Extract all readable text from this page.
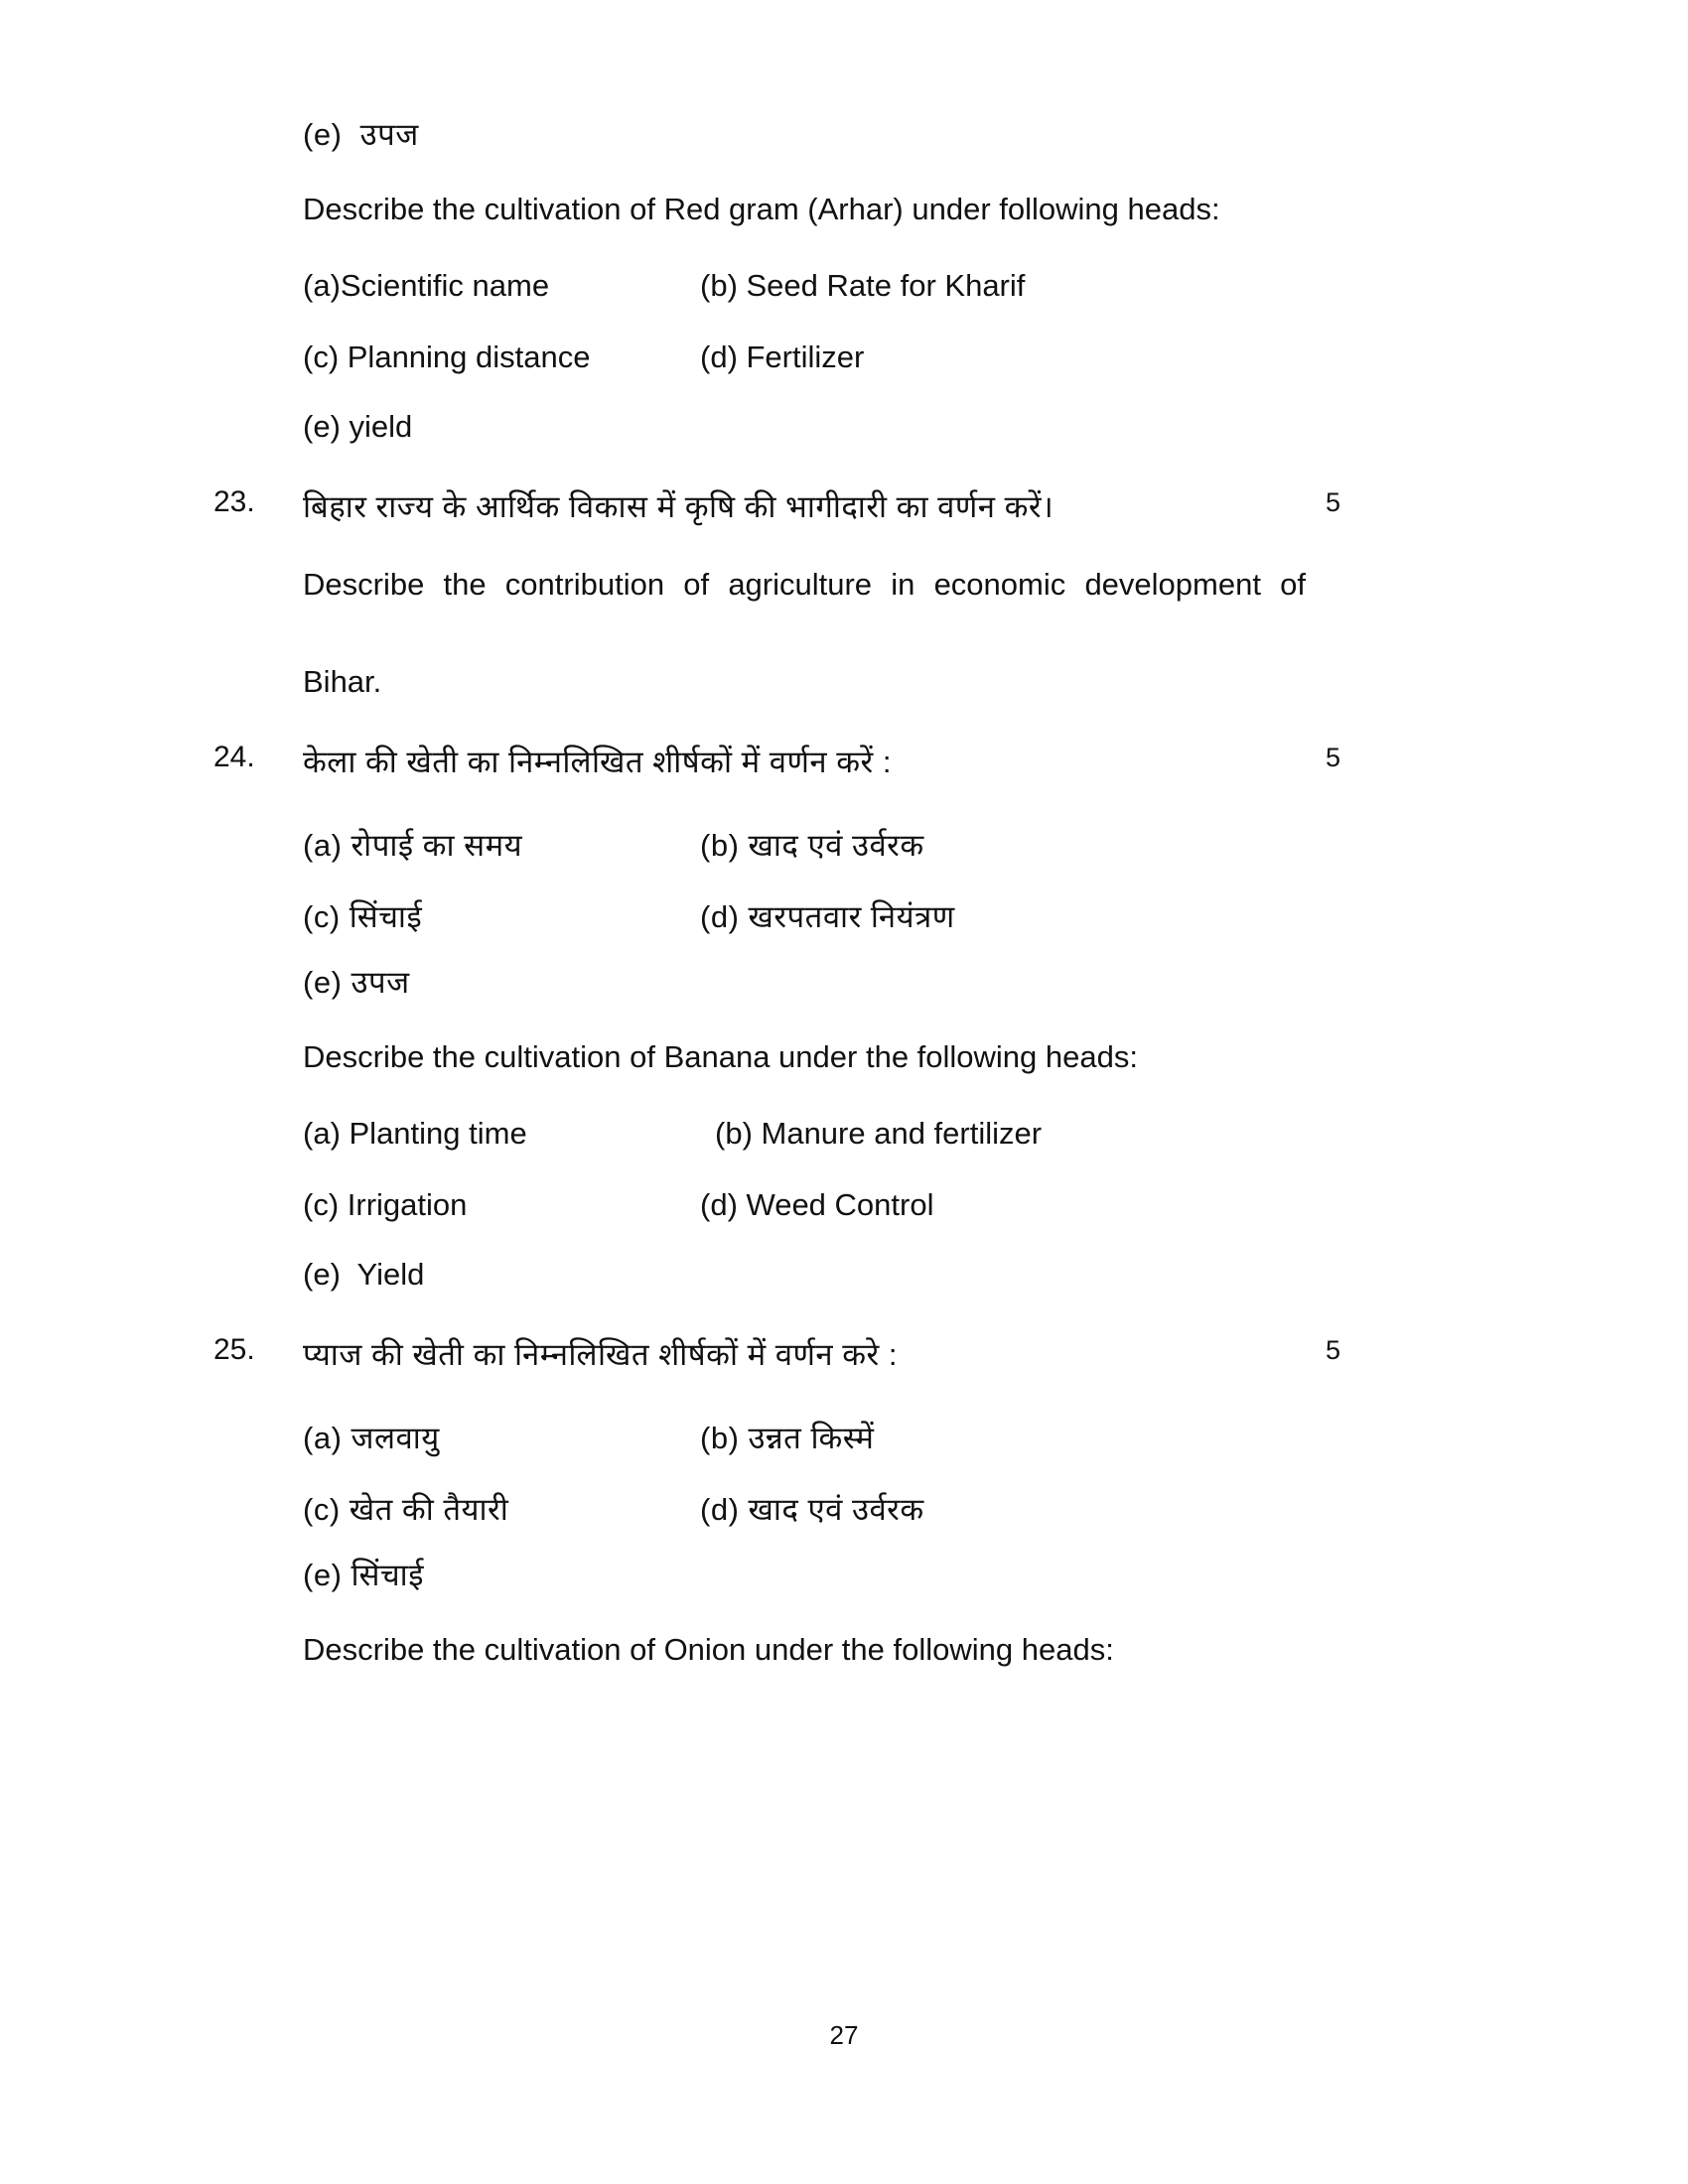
(e)  उपज
Describe the cultivation of Red gram (Arhar) under following heads:
(a)Scientific name	(b) Seed Rate for Kharif
(c) Planning distance	(d) Fertilizer
(e) yield
23.	बिहार राज्य के आर्थिक विकास में कृषि की भागीदारी का वर्णन करें।	5
Describe the contribution of agriculture in economic development of
Bihar.
24.	केला की खेती का निम्नलिखित शीर्षकों में वर्णन करें :	5
(a) रोपाई का समय	(b) खाद एवं उर्वरक
(c) सिंचाई	(d) खरपतवार नियंत्रण
(e) उपज
Describe the cultivation of Banana under the following heads:
(a) Planting time	(b) Manure and fertilizer
(c) Irrigation	(d) Weed Control
(e)  Yield
25.	प्याज की खेती का निम्नलिखित शीर्षकों में वर्णन करे :	5
(a) जलवायु	(b) उन्नत किस्में
(c) खेत की तैयारी	(d) खाद एवं उर्वरक
(e) सिंचाई
Describe the cultivation of Onion under the following heads:
27
